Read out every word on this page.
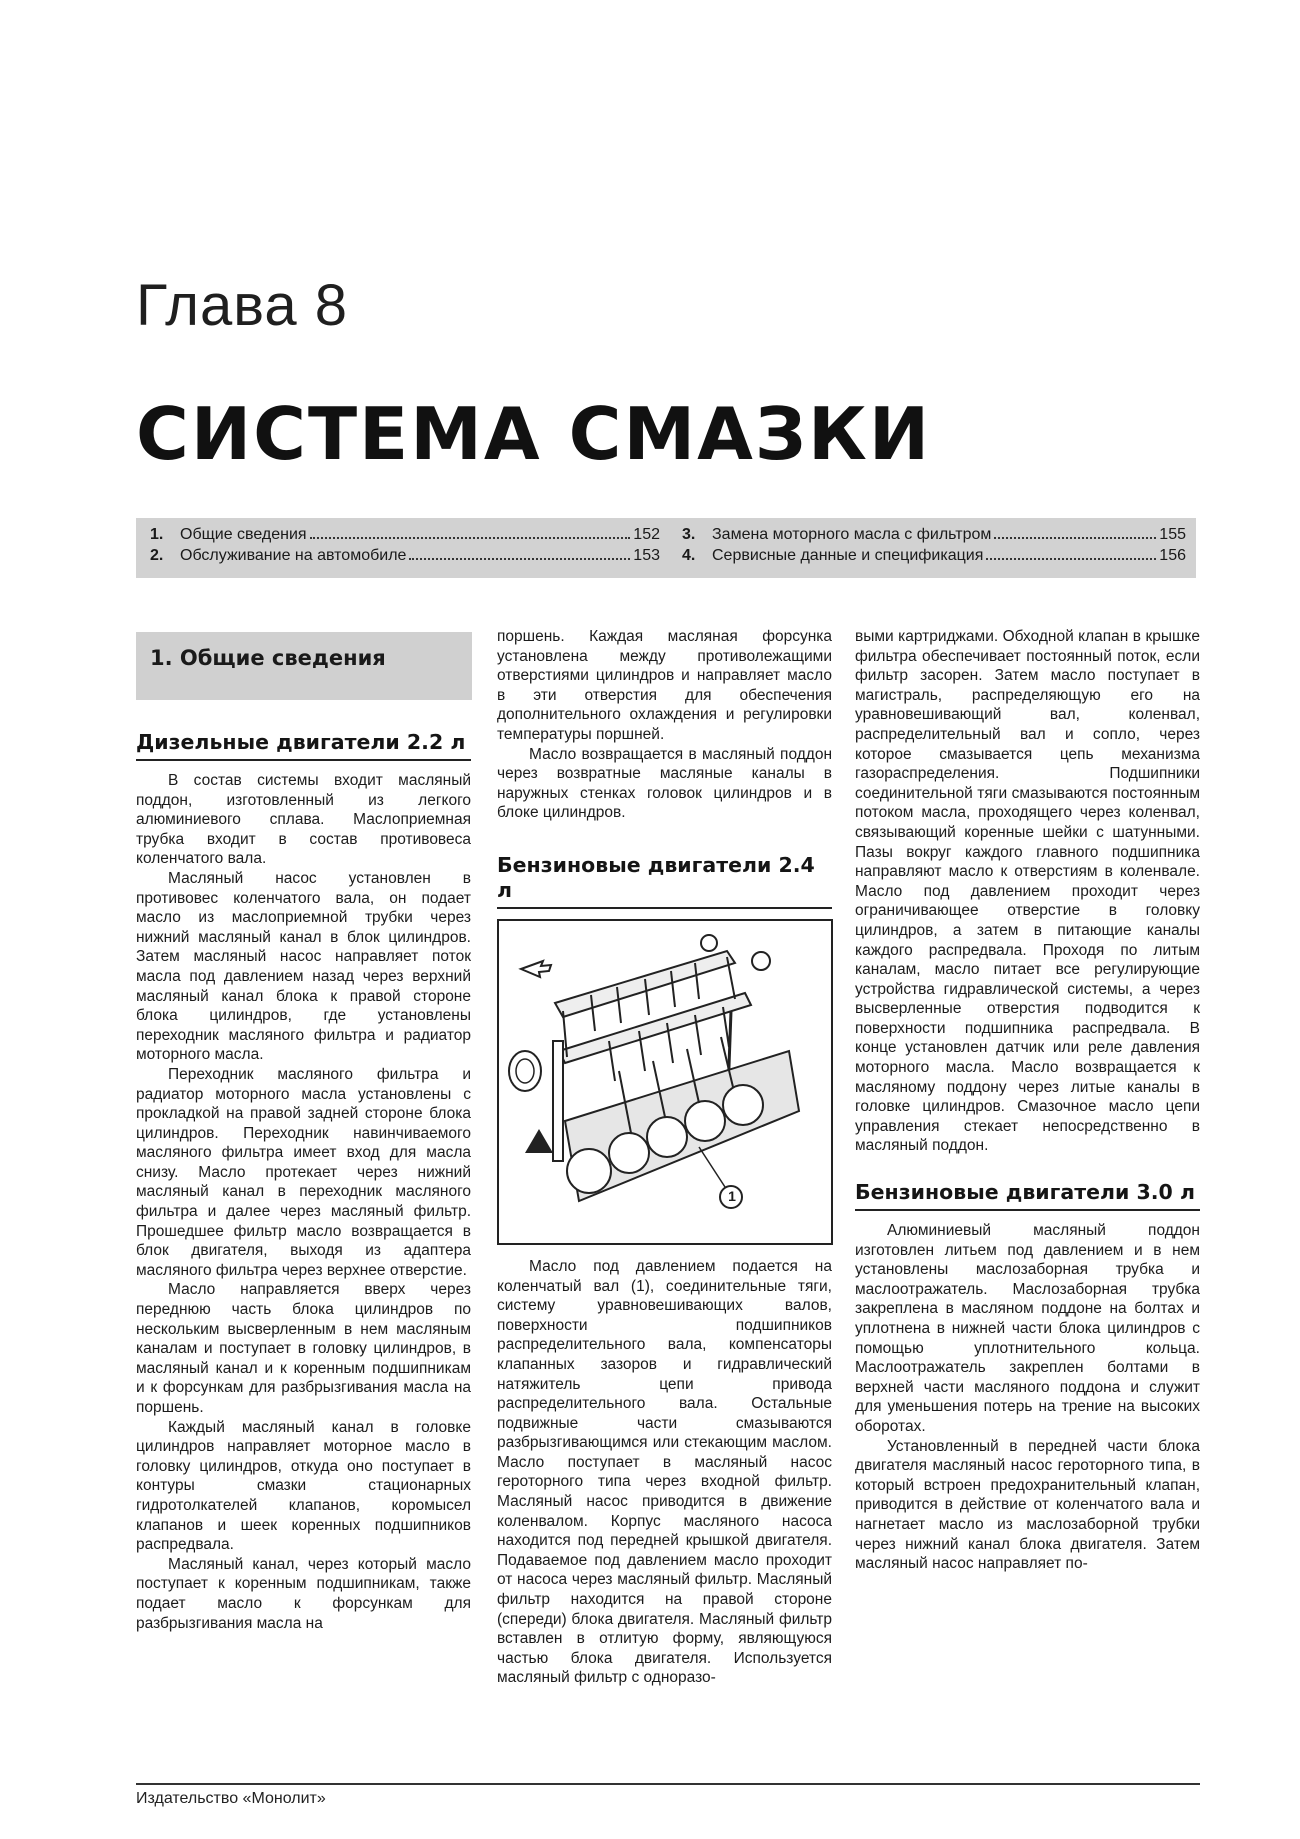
Глава 8
СИСТЕМА СМАЗКИ
1.	Общие сведения	152
2.	Обслуживание на автомобиле	153
3.	Замена моторного масла с фильтром	155
4.	Сервисные данные и спецификация	156
1. Общие сведения
Дизельные двигатели 2.2 л

В состав системы входит масляный поддон, изготовленный из легкого алюминиевого сплава. Маслоприемная трубка входит в состав противовеса коленчатого вала.

Масляный насос установлен в противовес коленчатого вала, он подает масло из маслоприемной трубки через нижний масляный канал в блок цилиндров. Затем масляный насос направляет поток масла под давлением назад через верхний масляный канал блока к правой стороне блока цилиндров, где установлены переходник масляного фильтра и радиатор моторного масла.

Переходник масляного фильтра и радиатор моторного масла установлены с прокладкой на правой задней стороне блока цилиндров. Переходник навинчиваемого масляного фильтра имеет вход для масла снизу. Масло протекает через нижний масляный канал в переходник масляного фильтра и далее через масляный фильтр. Прошедшее фильтр масло возвращается в блок двигателя, выходя из адаптера масляного фильтра через верхнее отверстие.

Масло направляется вверх через переднюю часть блока цилиндров по нескольким высверленным в нем масляным каналам и поступает в головку цилиндров, в масляный канал и к коренным подшипникам и к форсункам для разбрызгивания масла на поршень.

Каждый масляный канал в головке цилиндров направляет моторное масло в головку цилиндров, откуда оно поступает в контуры смазки стационарных гидротолкателей клапанов, коромысел клапанов и шеек коренных подшипников распредвала.

Масляный канал, через который масло поступает к коренным подшипникам, также подает масло к форсункам для разбрызгивания масла на

поршень. Каждая масляная форсунка установлена между противолежащими отверстиями цилиндров и направляет масло в эти отверстия для обеспечения дополнительного охлаждения и регулировки температуры поршней.

Масло возвращается в масляный поддон через возвратные масляные каналы в наружных стенках головок цилиндров и в блоке цилиндров.

Бензиновые двигатели 2.4 л
1

Масло под давлением подается на коленчатый вал (1), соединительные тяги, систему уравновешивающих валов, поверхности подшипников распределительного вала, компенсаторы клапанных зазоров и гидравлический натяжитель цепи привода распределительного вала. Остальные подвижные части смазываются разбрызгивающимся или стекающим маслом. Масло поступает в масляный насос героторного типа через входной фильтр. Масляный насос приводится в движение коленвалом. Корпус масляного насоса находится под передней крышкой двигателя. Подаваемое под давлением масло проходит от насоса через масляный фильтр. Масляный фильтр находится на правой стороне (спереди) блока двигателя. Масляный фильтр вставлен в отлитую форму, являющуюся частью блока двигателя. Используется масляный фильтр с одноразо-

выми картриджами. Обходной клапан в крышке фильтра обеспечивает постоянный поток, если фильтр засорен. Затем масло поступает в магистраль, распределяющую его на уравновешивающий вал, коленвал, распределительный вал и сопло, через которое смазывается цепь механизма газораспределения. Подшипники соединительной тяги смазываются постоянным потоком масла, проходящего через коленвал, связывающий коренные шейки с шатунными. Пазы вокруг каждого главного подшипника направляют масло к отверстиям в коленвале. Масло под давлением проходит через ограничивающее отверстие в головку цилиндров, а затем в питающие каналы каждого распредвала. Проходя по литым каналам, масло питает все регулирующие устройства гидравлической системы, а через высверленные отверстия подводится к поверхности подшипника распредвала. В конце установлен датчик или реле давления моторного масла. Масло возвращается к масляному поддону через литые каналы в головке цилиндров. Смазочное масло цепи управления стекает непосредственно в масляный поддон.

Бензиновые двигатели 3.0 л

Алюминиевый масляный поддон изготовлен литьем под давлением и в нем установлены маслозаборная трубка и маслоотражатель. Маслозаборная трубка закреплена в масляном поддоне на болтах и уплотнена в нижней части блока цилиндров с помощью уплотнительного кольца. Маслоотражатель закреплен болтами в верхней части масляного поддона и служит для уменьшения потерь на трение на высоких оборотах.

Установленный в передней части блока двигателя масляный насос героторного типа, в который встроен предохранительный клапан, приводится в действие от коленчатого вала и нагнетает масло из маслозаборной трубки через нижний канал блока двигателя. Затем масляный насос направляет по-

Издательство «Монолит»
